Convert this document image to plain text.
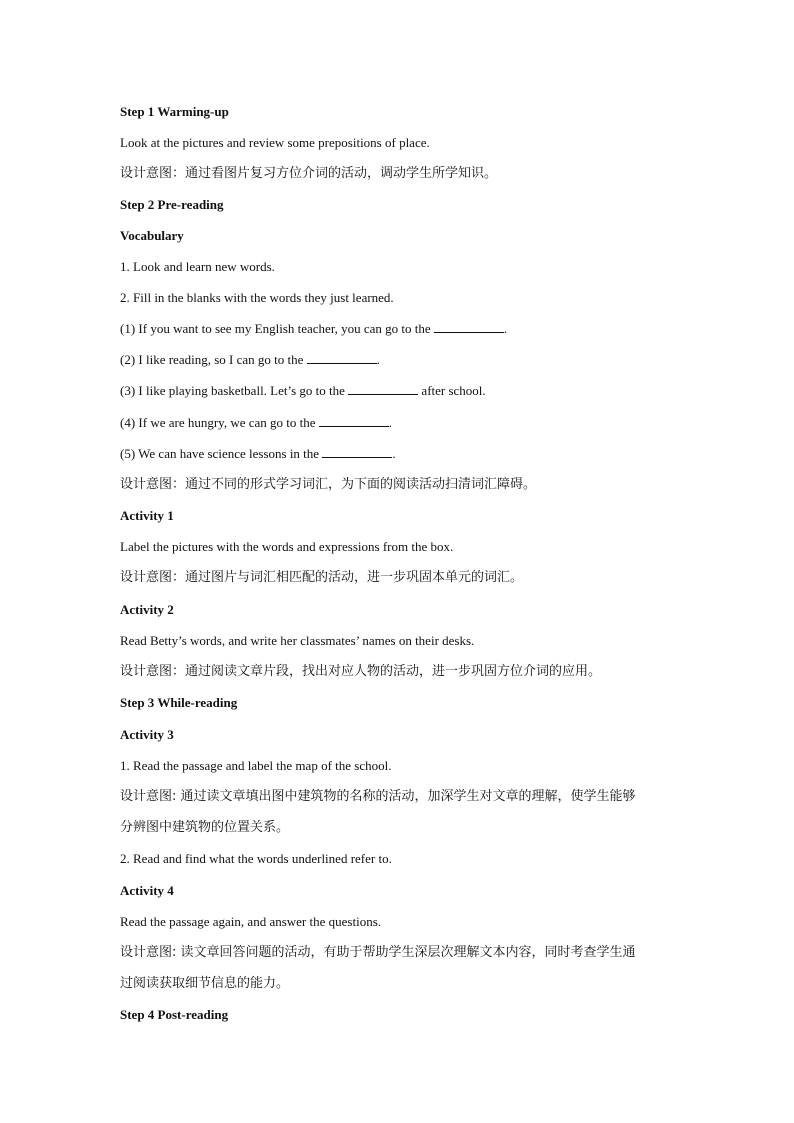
Step 1 Warming-up
Look at the pictures and review some prepositions of place.
设计意图：通过看图片复习方位介词的活动，调动学生所学知识。
Step 2 Pre-reading
Vocabulary
1. Look and learn new words.
2. Fill in the blanks with the words they just learned.
(1) If you want to see my English teacher, you can go to the	.
(2) I like reading, so I can go to the	.
(3) I like playing basketball. Let’s go to the	after school.
(4) If we are hungry, we can go to the	.
(5) We can have science lessons in the	.
设计意图：通过不同的形式学习词汇，为下面的阅读活动扫清词汇障碍。
Activity 1
Label the pictures with the words and expressions from the box.
设计意图：通过图片与词汇相匹配的活动，进一步巩固本单元的词汇。
Activity 2
Read Betty’s words, and write her classmates’ names on their desks.
设计意图：通过阅读文章片段，找出对应人物的活动，进一步巩固方位介词的应用。
Step 3 While-reading
Activity 3
1. Read the passage and label the map of the school.
设计意图: 通过读文章填出图中建筑物的名称的活动，加深学生对文章的理解，使学生能够
分辨图中建筑物的位置关系。
2. Read and find what the words underlined refer to.
Activity 4
Read the passage again, and answer the questions.
设计意图: 读文章回答问题的活动，有助于帮助学生深层次理解文本内容，同时考查学生通
过阅读获取细节信息的能力。
Step 4 Post-reading
